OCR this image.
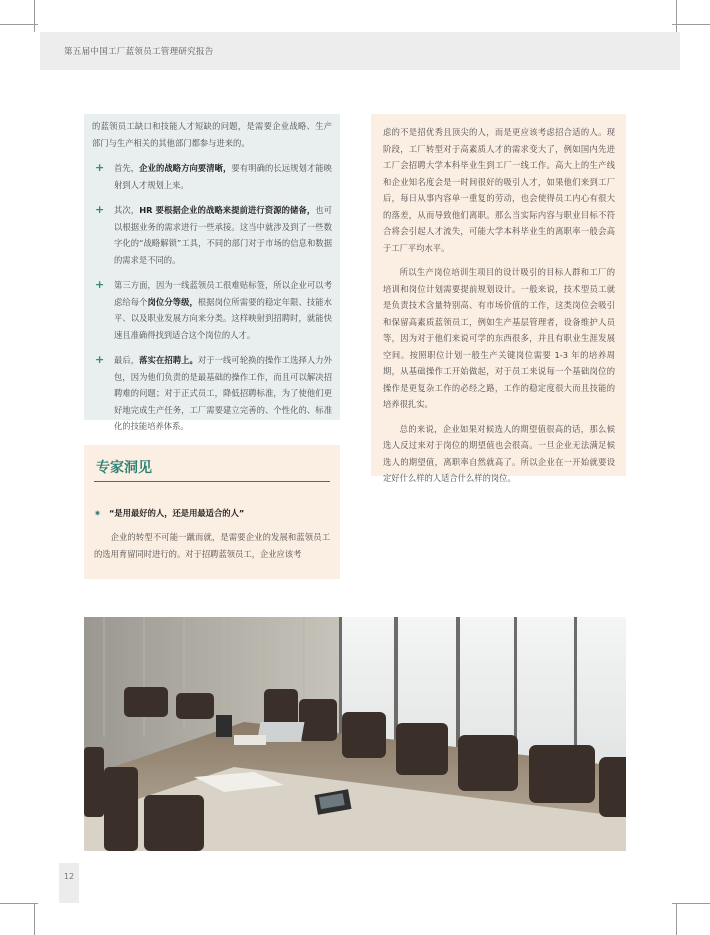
第五届中国工厂蓝领员工管理研究报告

的蓝领员工缺口和技能人才短缺的问题，是需要企业战略、生产部门与生产相关的其他部门都参与进来的。

+ 首先，企业的战略方向要清晰，要有明确的长远规划才能映射到人才规划上来。

+ 其次，HR 要根据企业的战略来提前进行资源的储备，也可以根据业务的需求进行一些承接。这当中就涉及到了一些数字化的“战略解锁”工具，不同的部门对于市场的信息和数据的需求是不同的。

+ 第三方面，因为一线蓝领员工很难贴标签，所以企业可以考虑给每个岗位分等级，根据岗位所需要的稳定年限、技能水平、以及职业发展方向来分类。这样映射到招聘时，就能快速且准确得找到适合这个岗位的人才。

+ 最后，落实在招聘上。对于一线可轮换的操作工选择人力外包，因为他们负责的是最基础的操作工作，而且可以解决招聘难的问题；对于正式员工，降低招聘标准，为了使他们更好地完成生产任务，工厂需要建立完善的、个性化的、标准化的技能培养体系。

专家洞见
✷ “是用最好的人，还是用最适合的人”

企业的转型不可能一蹴而就，是需要企业的发展和蓝领员工的选用育留同时进行的。对于招聘蓝领员工，企业应该考

虑的不是招优秀且顶尖的人，而是更应该考虑招合适的人。现阶段，工厂转型对于高素质人才的需求变大了，例如国内先进工厂会招聘大学本科毕业生到工厂一线工作。高大上的生产线和企业知名度会是一时间很好的吸引人才，如果他们来到工厂后，每日从事内容单一重复的劳动，也会使得员工内心有很大的落差，从而导致他们离职。那么当实际内容与职业目标不符合将会引起人才流失，可能大学本科毕业生的离职率一般会高于工厂平均水平。

所以生产岗位培训生项目的设计吸引的目标人群和工厂的培训和岗位计划需要提前规划设计。一般来说，技术型员工就是负责技术含量特别高、有市场价值的工作，这类岗位会吸引和保留高素质蓝领员工，例如生产基层管理者，设备维护人员等，因为对于他们来说可学的东西很多，并且有职业生涯发展空间。按照职位计划一般生产关键岗位需要 1-3 年的培养周期，从基础操作工开始做起，对于员工来说每一个基础岗位的操作是更复杂工作的必经之路，工作的稳定度很大而且技能的培养很扎实。

总的来说，企业如果对候选人的期望值很高的话，那么候选人反过来对于岗位的期望值也会很高。一旦企业无法满足候选人的期望值，离职率自然就高了。所以企业在一开始就要设定好什么样的人适合什么样的岗位。

12
